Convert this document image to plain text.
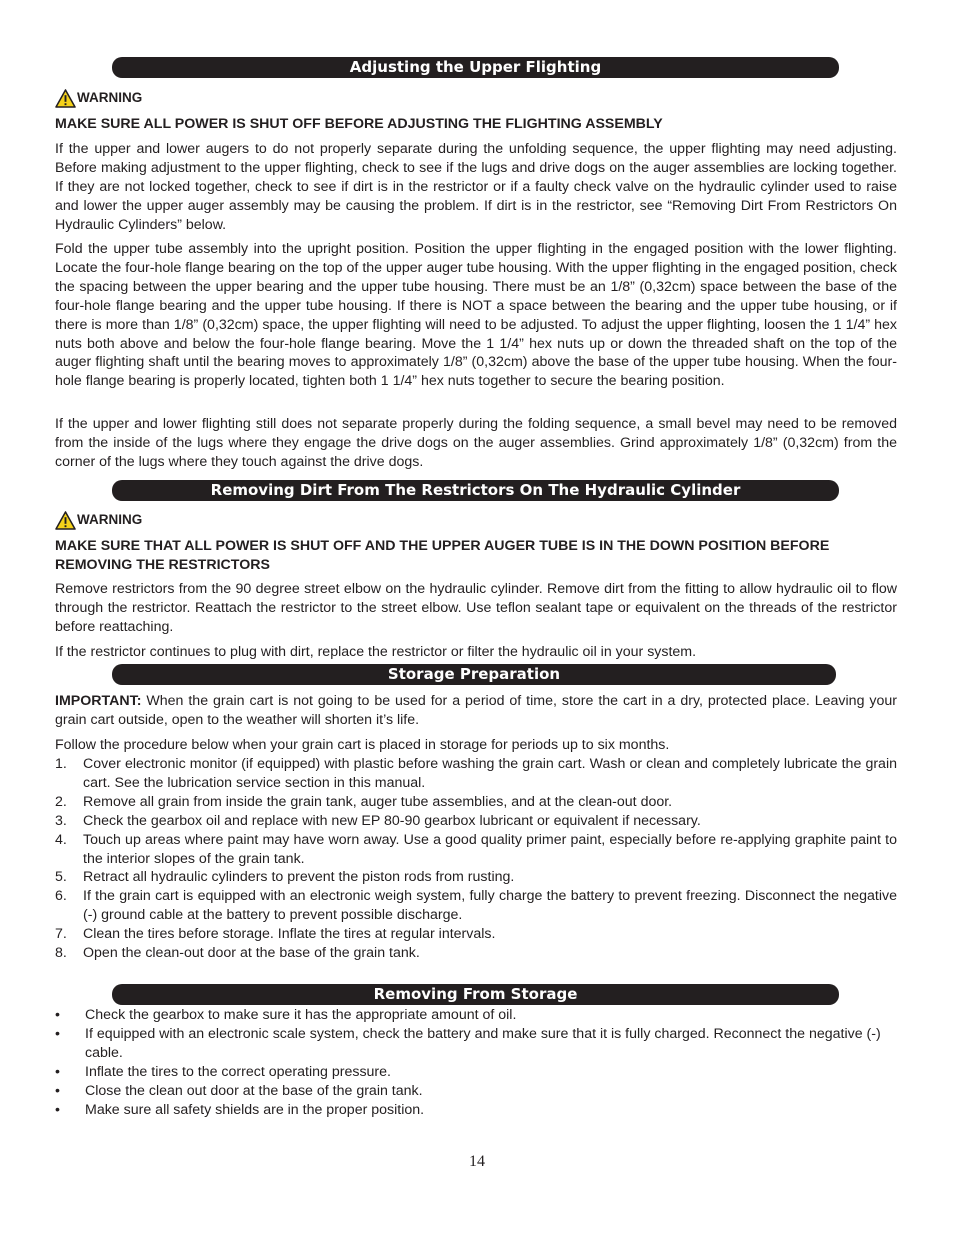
Adjusting the Upper Flighting
WARNING
MAKE SURE ALL POWER IS SHUT OFF BEFORE ADJUSTING THE FLIGHTING ASSEMBLY

If the upper and lower augers to do not properly separate during the unfolding sequence, the upper flighting may need adjusting. Before making adjustment to the upper flighting, check to see if the lugs and drive dogs on the auger assemblies are locking together. If they are not locked together, check to see if dirt is in the restrictor or if a faulty check valve on the hydraulic cylinder used to raise and lower the upper auger assembly may be causing the problem. If dirt is in the restrictor, see “Removing Dirt From Restrictors On Hydraulic Cylinders” below.

Fold the upper tube assembly into the upright position. Position the upper flighting in the engaged position with the lower flighting. Locate the four-hole flange bearing on the top of the upper auger tube housing. With the upper flighting in the engaged position, check the spacing between the upper bearing and the upper tube housing. There must be an 1/8” (0,32cm) space between the base of the four-hole flange bearing and the upper tube housing. If there is NOT a space between the bearing and the upper tube housing, or if there is more than 1/8” (0,32cm) space, the upper flighting will need to be adjusted. To adjust the upper flighting, loosen the 1 1/4” hex nuts both above and below the four-hole flange bearing. Move the 1 1/4” hex nuts up or down the threaded shaft on the top of the auger flighting shaft until the bearing moves to approximately 1/8” (0,32cm) above the base of the upper tube housing. When the four-hole flange bearing is properly located, tighten both 1 1/4” hex nuts together to secure the bearing position.

If the upper and lower flighting still does not separate properly during the folding sequence, a small bevel may need to be removed from the inside of the lugs where they engage the drive dogs on the auger assemblies. Grind approximately 1/8” (0,32cm) from the corner of the lugs where they touch against the drive dogs.

Removing Dirt From The Restrictors On The Hydraulic Cylinder
WARNING
MAKE SURE THAT ALL POWER IS SHUT OFF AND THE UPPER AUGER TUBE IS IN THE DOWN POSITION BEFORE REMOVING THE RESTRICTORS

Remove restrictors from the 90 degree street elbow on the hydraulic cylinder. Remove dirt from the fitting to allow hydraulic oil to flow through the restrictor. Reattach the restrictor to the street elbow. Use teflon sealant tape or equivalent on the threads of the restrictor before reattaching.

If the restrictor continues to plug with dirt, replace the restrictor or filter the hydraulic oil in your system.

Storage Preparation

IMPORTANT: When the grain cart is not going to be used for a period of time, store the cart in a dry, protected place. Leaving your grain cart outside, open to the weather will shorten it’s life.

Follow the procedure below when your grain cart is placed in storage for periods up to six months.

1. Cover electronic monitor (if equipped) with plastic before washing the grain cart. Wash or clean and completely lubricate the grain cart. See the lubrication service section in this manual.
2. Remove all grain from inside the grain tank, auger tube assemblies, and at the clean-out door.
3. Check the gearbox oil and replace with new EP 80-90 gearbox lubricant or equivalent if necessary.
4. Touch up areas where paint may have worn away. Use a good quality primer paint, especially before re-applying graphite paint to the interior slopes of the grain tank.
5. Retract all hydraulic cylinders to prevent the piston rods from rusting.
6. If the grain cart is equipped with an electronic weigh system, fully charge the battery to prevent freezing. Disconnect the negative (-) ground cable at the battery to prevent possible discharge.
7. Clean the tires before storage. Inflate the tires at regular intervals.
8. Open the clean-out door at the base of the grain tank.
Removing From Storage
• Check the gearbox to make sure it has the appropriate amount of oil.
• If equipped with an electronic scale system, check the battery and make sure that it is fully charged. Reconnect the negative (-) cable.
• Inflate the tires to the correct operating pressure.
• Close the clean out door at the base of the grain tank.
• Make sure all safety shields are in the proper position.
14
